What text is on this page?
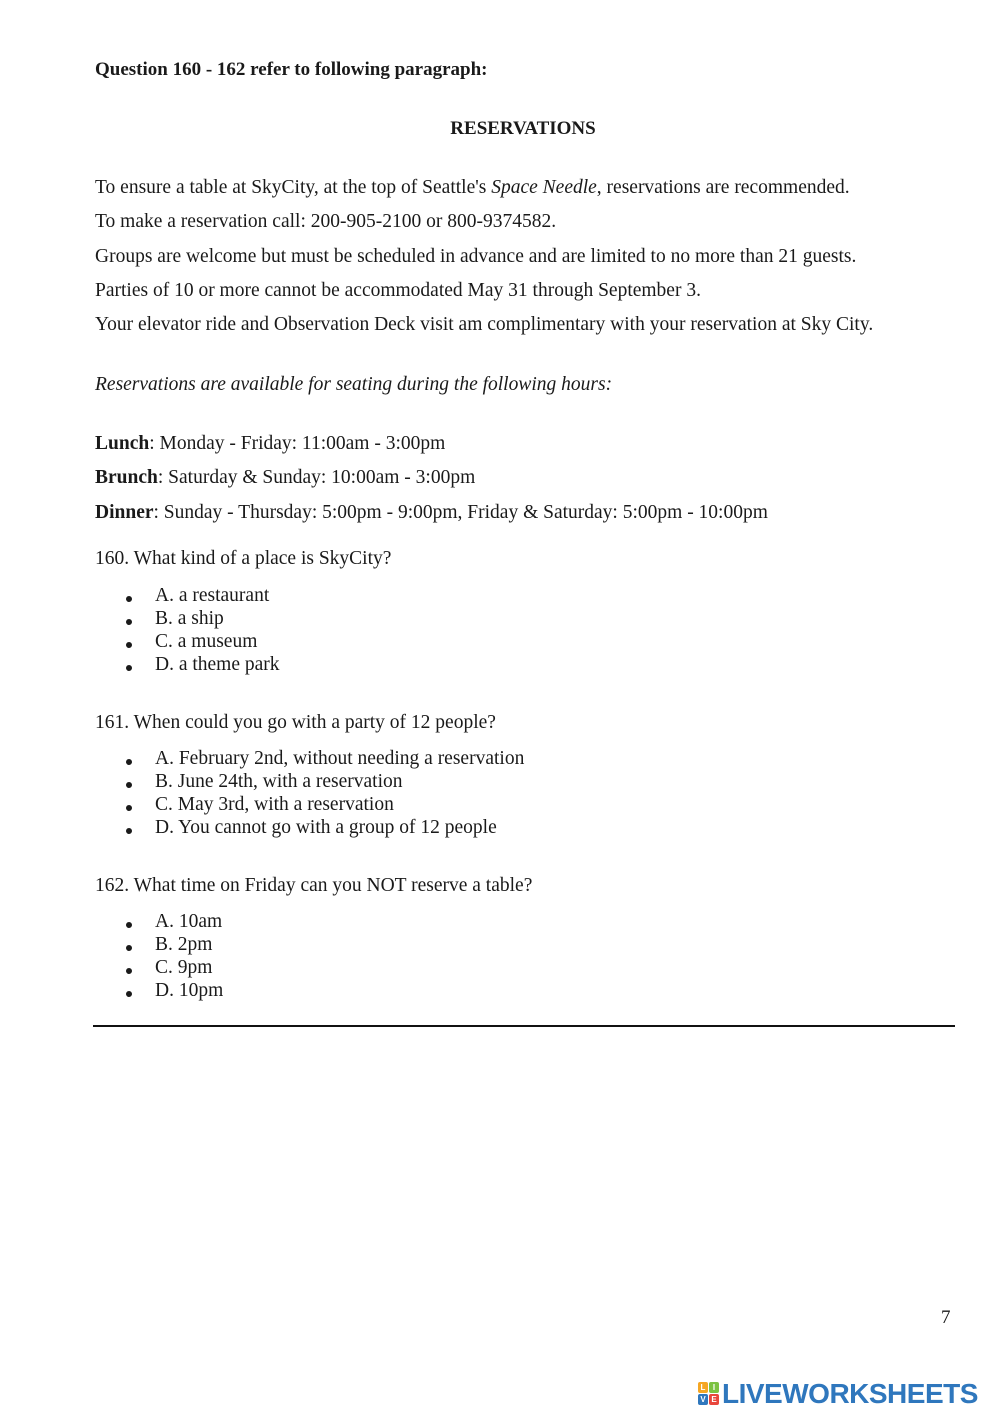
Question 160 - 162 refer to following paragraph:
RESERVATIONS
To ensure a table at SkyCity, at the top of Seattle's Space Needle, reservations are recommended.
To make a reservation call: 200-905-2100 or 800-9374582.
Groups are welcome but must be scheduled in advance and are limited to no more than 21 guests.
Parties of 10 or more cannot be accommodated May 31 through September 3.
Your elevator ride and Observation Deck visit am complimentary with your reservation at Sky City.
Reservations are available for seating during the following hours:
Lunch: Monday - Friday: 11:00am - 3:00pm
Brunch: Saturday & Sunday: 10:00am - 3:00pm
Dinner: Sunday - Thursday: 5:00pm - 9:00pm, Friday & Saturday: 5:00pm - 10:00pm
160. What kind of a place is SkyCity?
A. a restaurant
B. a ship
C. a museum
D. a theme park
161. When could you go with a party of 12 people?
A. February 2nd, without needing a reservation
B. June 24th, with a reservation
C. May 3rd, with a reservation
D. You cannot go with a group of 12 people
162. What time on Friday can you NOT reserve a table?
A. 10am
B. 2pm
C. 9pm
D. 10pm
7
L I
V E LIVEWORKSHEETS
